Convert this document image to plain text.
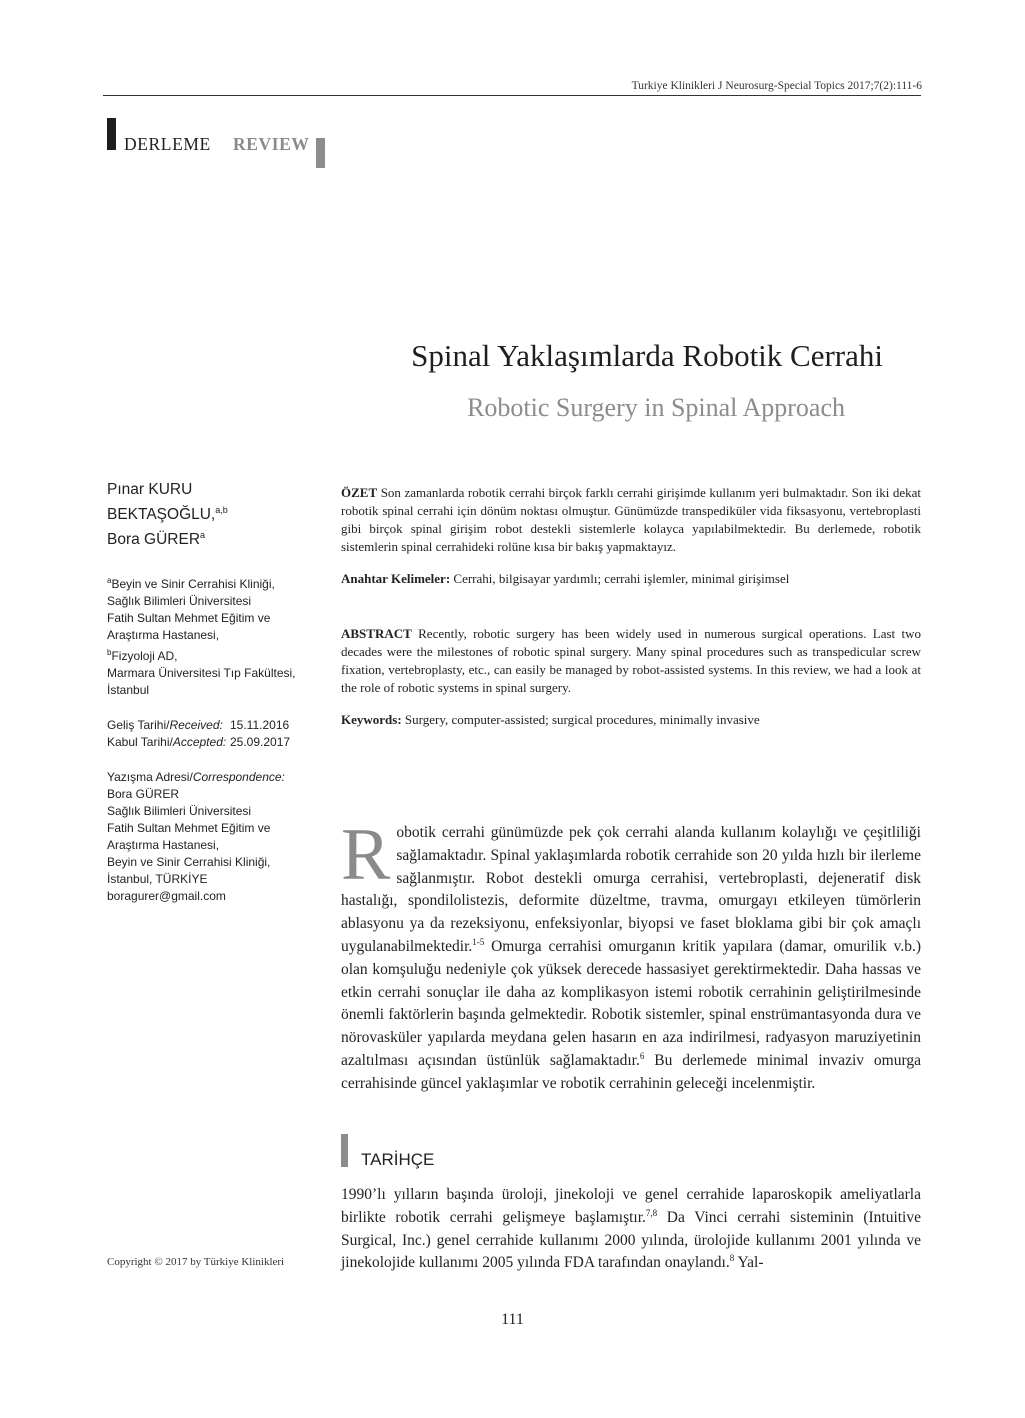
Turkiye Klinikleri J Neurosurg-Special Topics 2017;7(2):111-6
DERLEME REVIEW
Spinal Yaklaşımlarda Robotik Cerrahi
Robotic Surgery in Spinal Approach
Pınar KURU BEKTAŞOĞLU,$^{a,b}$
Bora GÜRER$^a$
$^a$Beyin ve Sinir Cerrahisi Kliniği,
Sağlık Bilimleri Üniversitesi
Fatih Sultan Mehmet Eğitim ve
Araştırma Hastanesi,
$^b$Fizyoloji AD,
Marmara Üniversitesi Tıp Fakültesi,
İstanbul
Geliş Tarihi/Received: 15.11.2016
Kabul Tarihi/Accepted: 25.09.2017
Yazışma Adresi/Correspondence:
Bora GÜRER
Sağlık Bilimleri Üniversitesi
Fatih Sultan Mehmet Eğitim ve
Araştırma Hastanesi,
Beyin ve Sinir Cerrahisi Kliniği,
İstanbul, TÜRKİYE
boragurer@gmail.com
Copyright © 2017 by Türkiye Klinikleri
ÖZET Son zamanlarda robotik cerrahi birçok farklı cerrahi girişimde kullanım yeri bulmaktadır. Son iki dekat robotik spinal cerrahi için dönüm noktası olmuştur. Günümüzde transpediküler vida fiksasyonu, vertebroplasti gibi birçok spinal girişim robot destekli sistemlerle kolayca yapılabilmektedir. Bu derlemede, robotik sistemlerin spinal cerrahideki rolüne kısa bir bakış yapmaktayız.
Anahtar Kelimeler: Cerrahi, bilgisayar yardımlı; cerrahi işlemler, minimal girişimsel
ABSTRACT Recently, robotic surgery has been widely used in numerous surgical operations. Last two decades were the milestones of robotic spinal surgery. Many spinal procedures such as transpedicular screw fixation, vertebroplasty, etc., can easily be managed by robot-assisted systems. In this review, we had a look at the role of robotic systems in spinal surgery.
Keywords: Surgery, computer-assisted; surgical procedures, minimally invasive
Robotik cerrahi günümüzde pek çok cerrahi alanda kullanım kolaylığı ve çeşitliliği sağlamaktadır. Spinal yaklaşımlarda robotik cerrahide son 20 yılda hızlı bir ilerleme sağlanmıştır. Robot destekli omurga cerrahisi, vertebroplasti, dejeneratif disk hastalığı, spondilolistezis, deformite düzeltme, travma, omurgayı etkileyen tümörlerin ablasyonu ya da rezeksiyonu, enfeksiyonlar, biyopsi ve faset bloklama gibi bir çok amaçlı uygulanabilmektedir.$^{1-5}$ Omurga cerrahisi omurganın kritik yapılara (damar, omurilik v.b.) olan komşuluğu nedeniyle çok yüksek derecede hassasiyet gerektirmektedir. Daha hassas ve etkin cerrahi sonuçlar ile daha az komplikasyon istemi robotik cerrahinin geliştirilmesinde önemli faktörlerin başında gelmektedir. Robotik sistemler, spinal enstrümantasyonda dura ve nörovasküler yapılarda meydana gelen hasarın en aza indirilmesi, radyasyon maruziyetinin azaltılması açısından üstünlük sağlamaktadır.$^6$ Bu derlemede minimal invaziv omurga cerrahisinde güncel yaklaşımlar ve robotik cerrahinin geleceği incelenmiştir.
TARİHÇE
1990’lı yılların başında üroloji, jinekoloji ve genel cerrahide laparoskopik ameliyatlarla birlikte robotik cerrahi gelişmeye başlamıştır.$^{7,8}$ Da Vinci cerrahi sisteminin (Intuitive Surgical, Inc.) genel cerrahide kullanımı 2000 yılında, ürolojide kullanımı 2001 yılında ve jinekolojide kullanımı 2005 yılında FDA tarafından onaylandı.$^8$ Yal-
111
